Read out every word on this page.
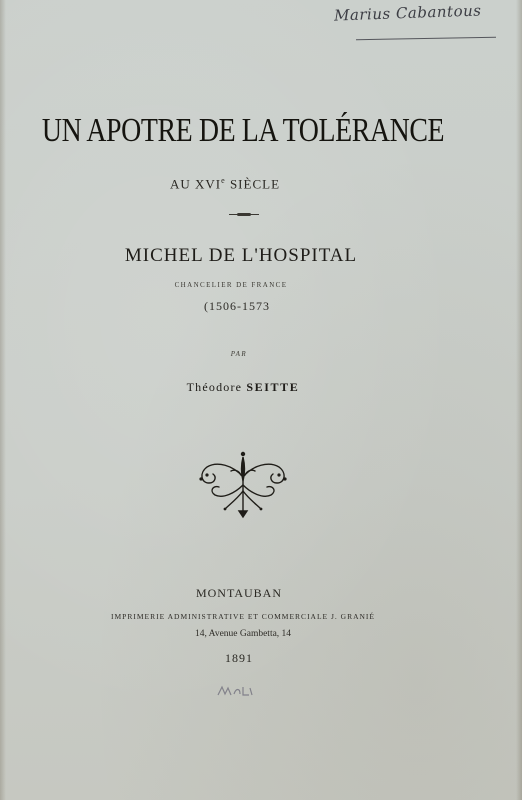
Marius Cabantous
UN APOTRE DE LA TOLÉRANCE
AU XVIe SIÈCLE
MICHEL DE L'HOSPITAL
CHANCELIER DE FRANCE
(1506-1573
PAR
Théodore SEITTE
MONTAUBAN
IMPRIMERIE ADMINISTRATIVE ET COMMERCIALE J. GRANIÉ
14, Avenue Gambetta, 14
1891
